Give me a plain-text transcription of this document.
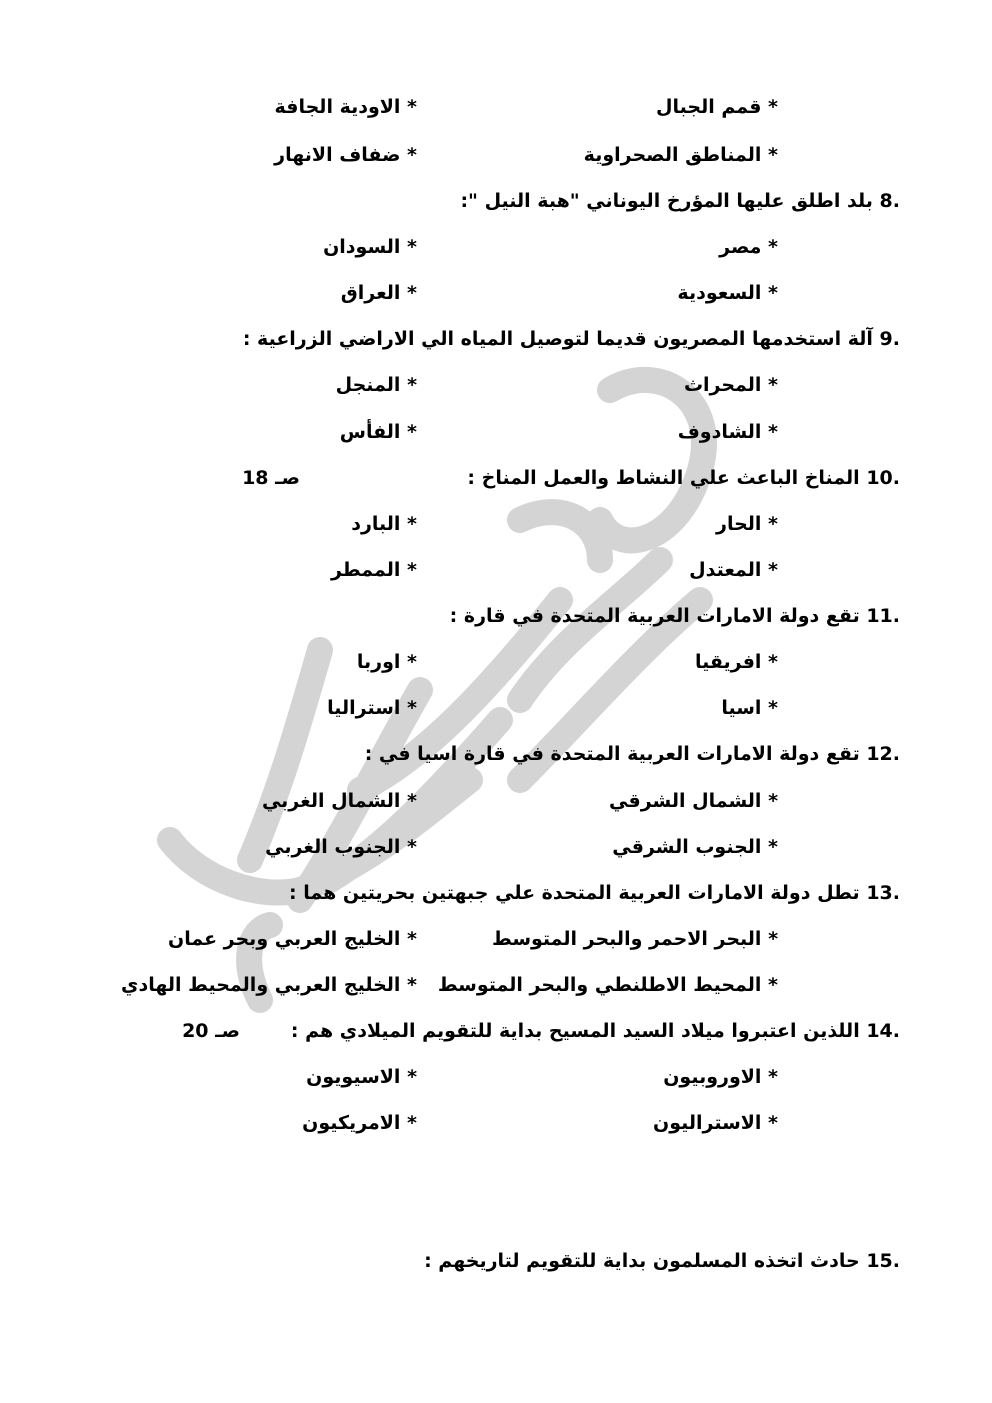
* قمم الجبال
* الاودية الجافة
* المناطق الصحراوية
* ضفاف الانهار
8. بلد اطلق عليها المؤرخ اليوناني "هبة النيل ":
* مصر
* السودان
* السعودية
* العراق
9. آلة استخدمها المصريون قديما لتوصيل المياه الي الاراضي الزراعية :
* المحراث
* المنجل
* الشادوف
* الفأس
10. المناخ الباعث علي النشاط والعمل المناخ :
صـ 18
* الحار
* البارد
* المعتدل
* الممطر
11. تقع دولة الامارات العربية المتحدة في قارة :
* افريقيا
* اوربا
* اسيا
* استراليا
12. تقع دولة الامارات العربية المتحدة في قارة اسيا في :
* الشمال الشرقي
* الشمال الغربي
* الجنوب الشرقي
* الجنوب الغربي
13. تطل دولة الامارات العربية المتحدة علي جبهتين بحريتين هما :
* البحر الاحمر والبحر المتوسط
* الخليج العربي وبحر عمان
* المحيط الاطلنطي والبحر المتوسط
* الخليج العربي والمحيط الهادي
14. اللذين اعتبروا ميلاد السيد المسيح بداية للتقويم الميلادي هم :
صـ 20
* الاوروبيون
* الاسيويون
* الاستراليون
* الامريكيون
15. حادث اتخذه المسلمون بداية للتقويم لتاريخهم :
